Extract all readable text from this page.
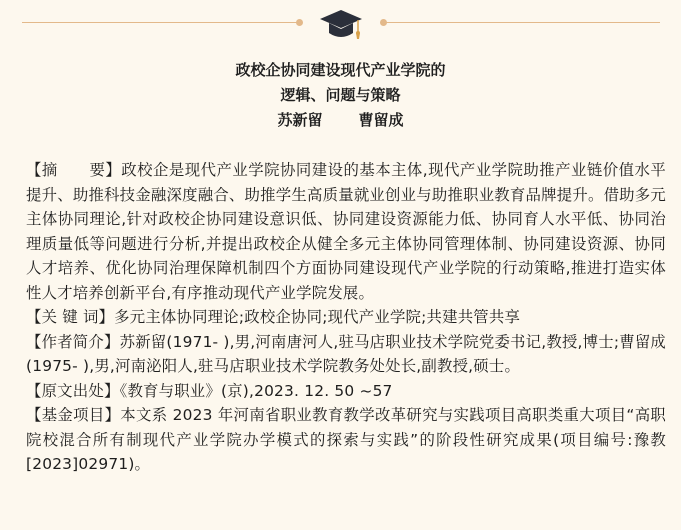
政校企协同建设现代产业学院的
逻辑、问题与策略
苏新留 曹留成

【摘　　要】政校企是现代产业学院协同建设的基本主体,现代产业学院助推产业链价值水平提升、助推科技金融深度融合、助推学生高质量就业创业与助推职业教育品牌提升。借助多元主体协同理论,针对政校企协同建设意识低、协同建设资源能力低、协同育人水平低、协同治理质量低等问题进行分析,并提出政校企从健全多元主体协同管理体制、协同建设资源、协同人才培养、优化协同治理保障机制四个方面协同建设现代产业学院的行动策略,推进打造实体性人才培养创新平台,有序推动现代产业学院发展。

【关 键 词】多元主体协同理论;政校企协同;现代产业学院;共建共管共享

【作者简介】苏新留(1971- ),男,河南唐河人,驻马店职业技术学院党委书记,教授,博士;曹留成(1975- ),男,河南泌阳人,驻马店职业技术学院教务处处长,副教授,硕士。

【原文出处】《教育与职业》(京),2023. 12. 50 ~57

【基金项目】本文系 2023 年河南省职业教育教学改革研究与实践项目高职类重大项目“高职院校混合所有制现代产业学院办学模式的探索与实践”的阶段性研究成果(项目编号:豫教[2023]02971)。
